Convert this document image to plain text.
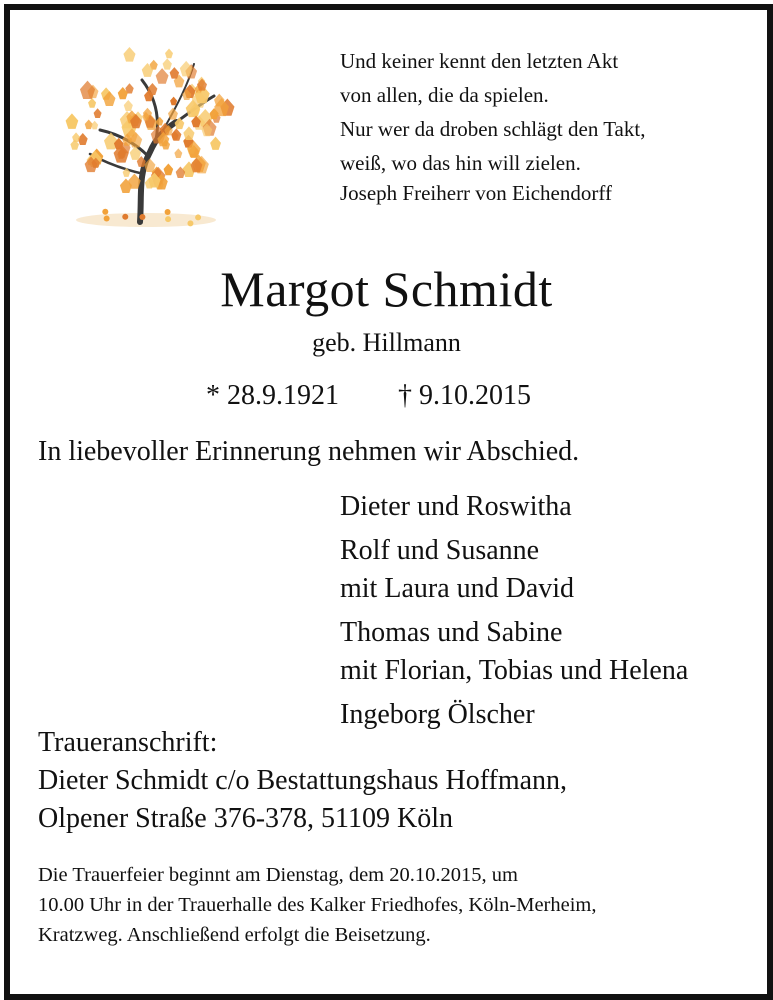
Und keiner kennt den letzten Akt
von allen, die da spielen.
Nur wer da droben schlägt den Takt,
weiß, wo das hin will zielen.
Joseph Freiherr von Eichendorff
Margot Schmidt
geb. Hillmann
* 28.9.1921 † 9.10.2015
In liebevoller Erinnerung nehmen wir Abschied.
Dieter und Roswitha
Rolf und Susanne
mit Laura und David
Thomas und Sabine
mit Florian, Tobias und Helena
Ingeborg Ölscher
Traueranschrift:
Dieter Schmidt c/o Bestattungshaus Hoffmann,
Olpener Straße 376-378, 51109 Köln
Die Trauerfeier beginnt am Dienstag, dem 20.10.2015, um
10.00 Uhr in der Trauerhalle des Kalker Friedhofes, Köln-Merheim,
Kratzweg. Anschließend erfolgt die Beisetzung.
